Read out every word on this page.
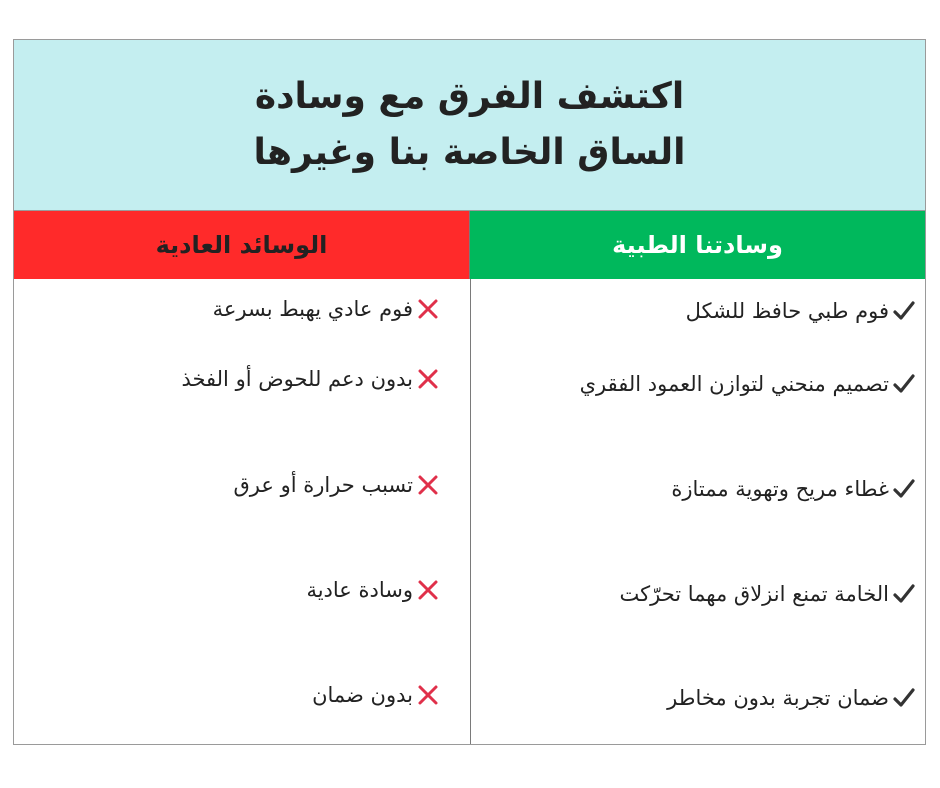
اكتشف الفرق مع وسادة
الساق الخاصة بنا وغيرها
الوسائد العادية	وسادتنا الطبية
فوم طبي حافظ للشكل
تصميم منحني لتوازن العمود الفقري
غطاء مريح وتهوية ممتازة
الخامة تمنع انزلاق مهما تحرّكت
ضمان تجربة بدون مخاطر
فوم عادي يهبط بسرعة
بدون دعم للحوض أو الفخذ
تسبب حرارة أو عرق
وسادة عادية
بدون ضمان
